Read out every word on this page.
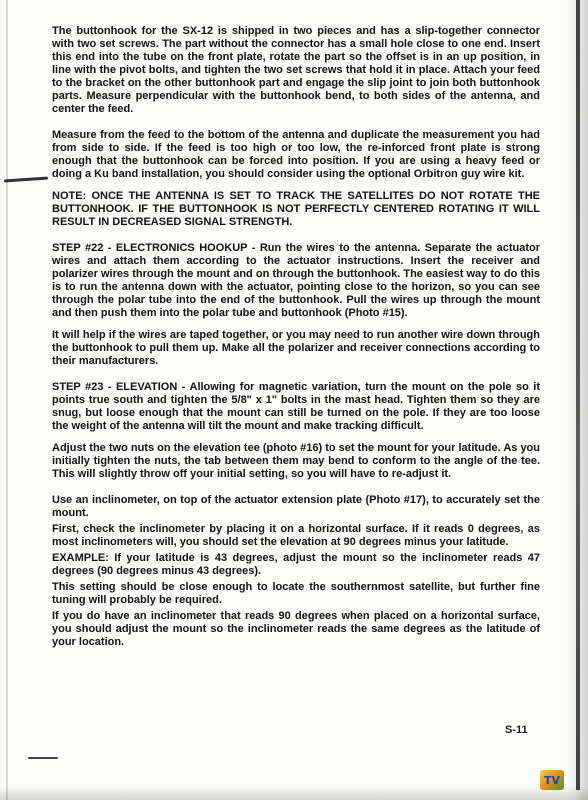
The buttonhook for the SX-12 is shipped in two pieces and has a slip-together connector with two set screws. The part without the connector has a small hole close to one end. Insert this end into the tube on the front plate, rotate the part so the offset is in an up position, in line with the pivot bolts, and tighten the two set screws that hold it in place. Attach your feed to the bracket on the other buttonhook part and engage the slip joint to join both buttonhook parts. Measure perpendicular with the buttonhook bend, to both sides of the antenna, and center the feed.

Measure from the feed to the bottom of the antenna and duplicate the measurement you had from side to side. If the feed is too high or too low, the re-inforced front plate is strong enough that the buttonhook can be forced into position. If you are using a heavy feed or doing a Ku band installation, you should consider using the optional Orbitron guy wire kit.

NOTE: ONCE THE ANTENNA IS SET TO TRACK THE SATELLITES DO NOT ROTATE THE BUTTONHOOK. IF THE BUTTONHOOK IS NOT PERFECTLY CENTERED ROTATING IT WILL RESULT IN DECREASED SIGNAL STRENGTH.

STEP #22 - ELECTRONICS HOOKUP - Run the wires to the antenna. Separate the actuator wires and attach them according to the actuator instructions. Insert the receiver and polarizer wires through the mount and on through the buttonhook. The easiest way to do this is to run the antenna down with the actuator, pointing close to the horizon, so you can see through the polar tube into the end of the buttonhook. Pull the wires up through the mount and then push them into the polar tube and buttonhook (Photo #15).

It will help if the wires are taped together, or you may need to run another wire down through the buttonhook to pull them up. Make all the polarizer and receiver connections according to their manufacturers.

STEP #23 - ELEVATION - Allowing for magnetic variation, turn the mount on the pole so it points true south and tighten the 5/8" x 1" bolts in the mast head. Tighten them so they are snug, but loose enough that the mount can still be turned on the pole. If they are too loose the weight of the antenna will tilt the mount and make tracking difficult.

Adjust the two nuts on the elevation tee (photo #16) to set the mount for your latitude. As you initially tighten the nuts, the tab between them may bend to conform to the angle of the tee. This will slightly throw off your initial setting, so you will have to re-adjust it.

Use an inclinometer, on top of the actuator extension plate (Photo #17), to accurately set the mount.

First, check the inclinometer by placing it on a horizontal surface. If it reads 0 degrees, as most inclinometers will, you should set the elevation at 90 degrees minus your latitude.

EXAMPLE: If your latitude is 43 degrees, adjust the mount so the inclinometer reads 47 degrees (90 degrees minus 43 degrees).

This setting should be close enough to locate the southernmost satellite, but further fine tuning will probably be required.

If you do have an inclinometer that reads 90 degrees when placed on a horizontal surface, you should adjust the mount so the inclinometer reads the same degrees as the latitude of your location.

S-11
TV
